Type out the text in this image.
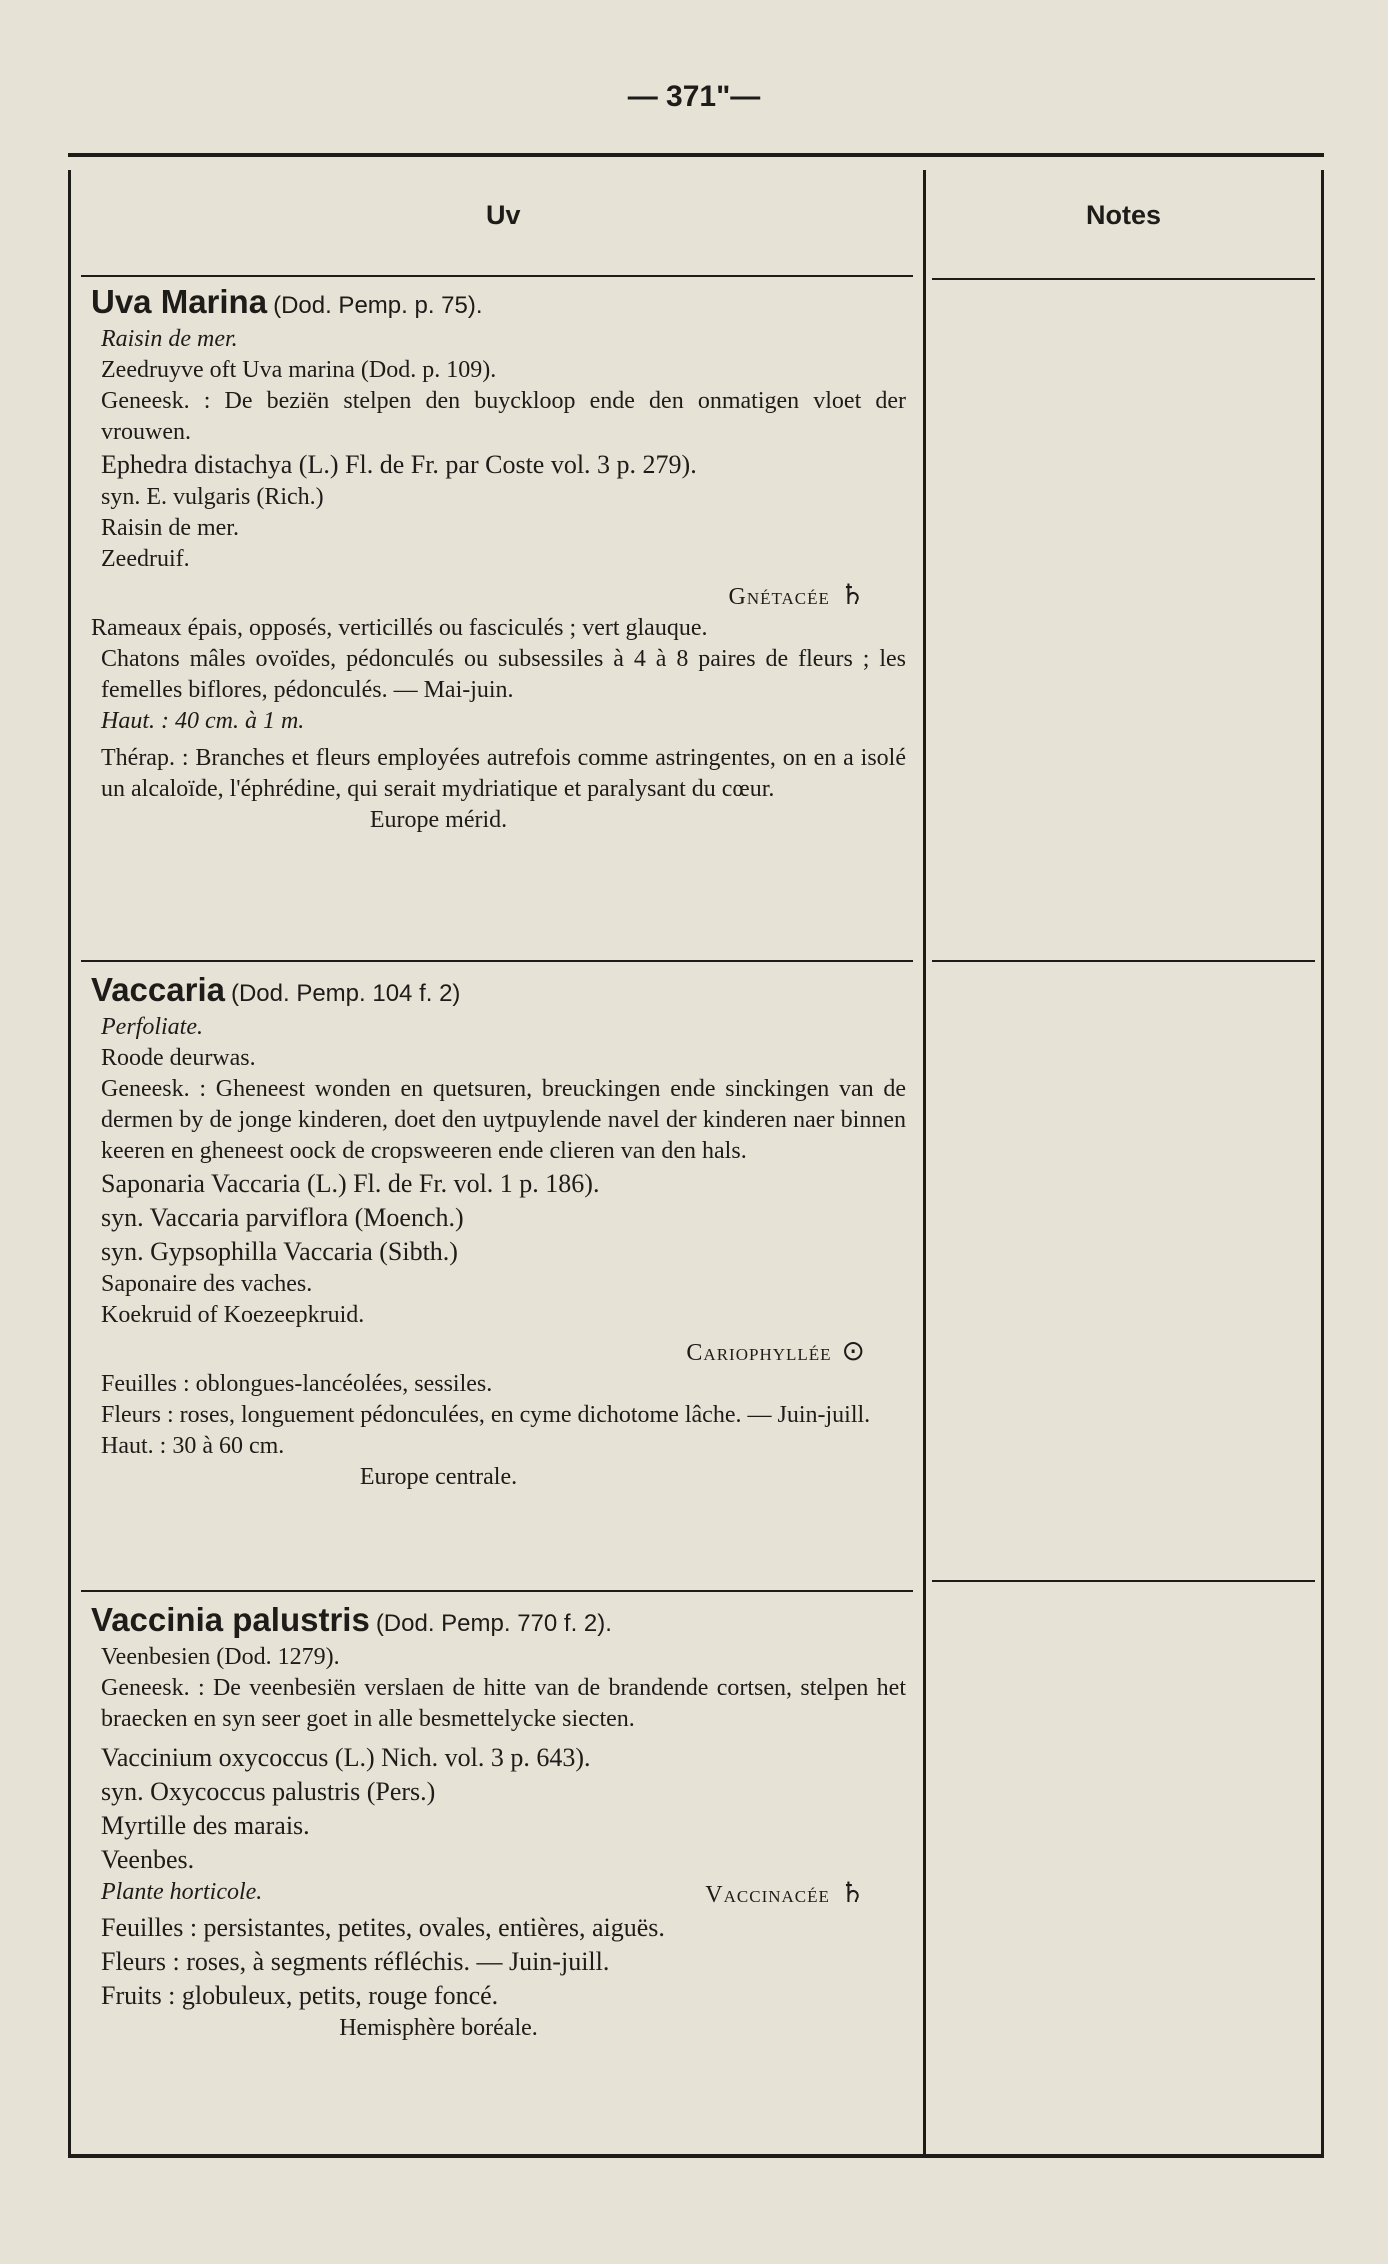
— 371ʺ—
Uv

Uva Marina (Dod. Pemp. p. 75).

Raisin de mer.

Zeedruyve oft Uva marina (Dod. p. 109).

Geneesk. : De beziën stelpen den buyckloop ende den onmatigen vloet der vrouwen.

Ephedra distachya (L.) Fl. de Fr. par Coste vol. 3 p. 279).

syn. E. vulgaris (Rich.)

Raisin de mer.

Zeedruif.

Gnétacée ♄

Rameaux épais, opposés, verticillés ou fasciculés ; vert glauque.

Chatons mâles ovoïdes, pédonculés ou subsessiles à 4 à 8 paires de fleurs ; les femelles biflores, pédonculés. — Mai-juin.

Haut. : 40 cm. à 1 m.

Thérap. : Branches et fleurs employées autrefois comme astringentes, on en a isolé un alcaloïde, l'éphrédine, qui serait mydriatique et paralysant du cœur.

Europe mérid.

Vaccaria (Dod. Pemp. 104 f. 2)

Perfoliate.

Roode deurwas.

Geneesk. : Gheneest wonden en quetsuren, breuckingen ende sinckingen van de dermen by de jonge kinderen, doet den uytpuylende navel der kinderen naer binnen keeren en gheneest oock de cropsweeren ende clieren van den hals.

Saponaria Vaccaria (L.) Fl. de Fr. vol. 1 p. 186).

syn. Vaccaria parviflora (Moench.)

syn. Gypsophilla Vaccaria (Sibth.)

Saponaire des vaches.

Koekruid of Koezeepkruid.

Cariophyllée ⊙

Feuilles : oblongues-lancéolées, sessiles.

Fleurs : roses, longuement pédonculées, en cyme dichotome lâche. — Juin-juill.

Haut. : 30 à 60 cm.

Europe centrale.

Vaccinia palustris (Dod. Pemp. 770 f. 2).

Veenbesien (Dod. 1279).

Geneesk. : De veenbesiën verslaen de hitte van de brandende cortsen, stelpen het braecken en syn seer goet in alle besmettelycke siecten.

Vaccinium oxycoccus (L.) Nich. vol. 3 p. 643).

syn. Oxycoccus palustris (Pers.)

Myrtille des marais.

Veenbes.

Plante horticole.	Vaccinacée ♄

Feuilles : persistantes, petites, ovales, entières, aiguës.

Fleurs : roses, à segments réfléchis. — Juin-juill.

Fruits : globuleux, petits, rouge foncé.

Hemisphère boréale.

Notes
